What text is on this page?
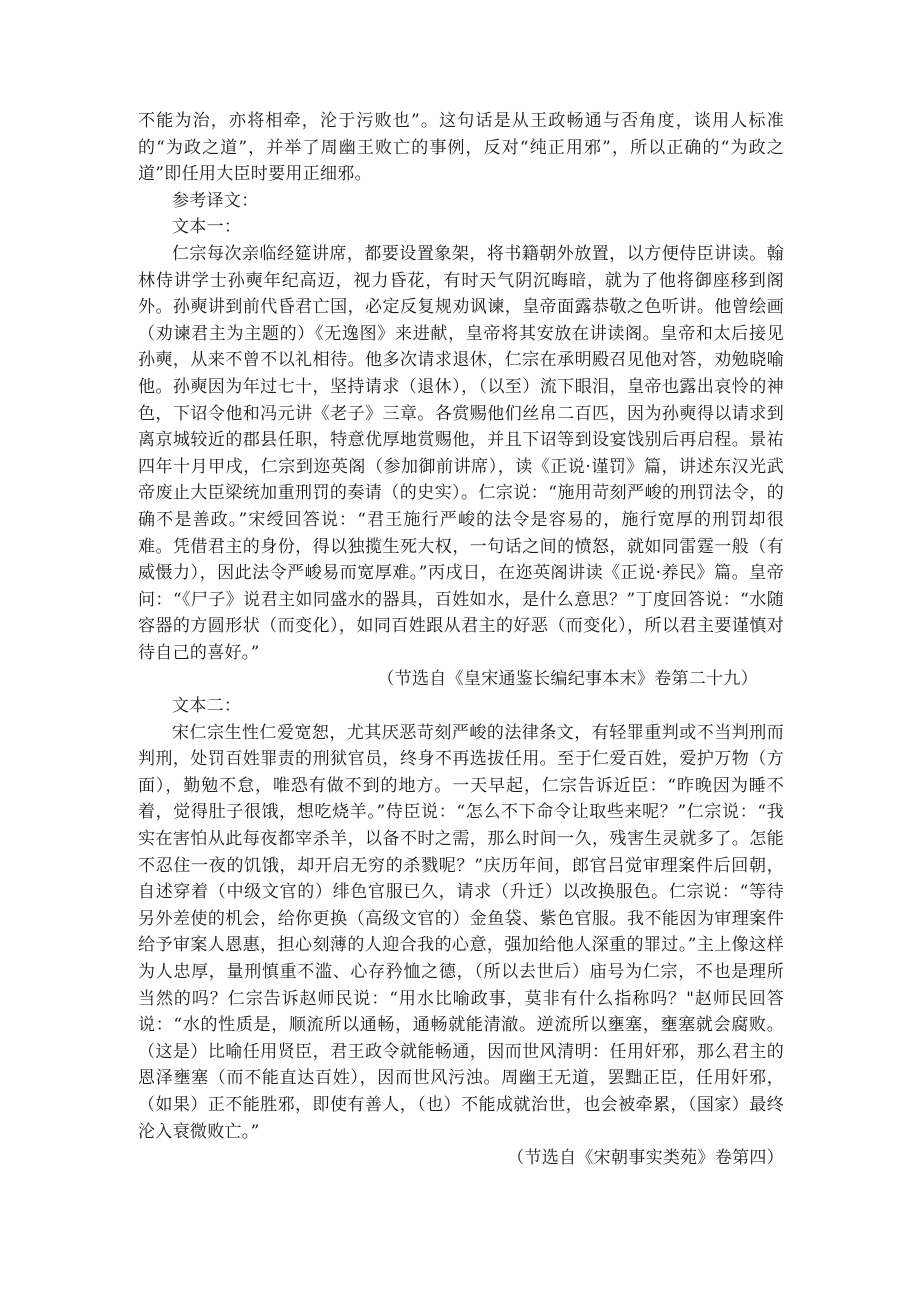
不能为治，亦将相牵，沦于污败也”。这句话是从王政畅通与否角度，谈用人标准的“为政之道”，并举了周幽王败亡的事例，反对“纯正用邪”，所以正确的“为政之道”即任用大臣时要用正细邪。

参考译文：

文本一：

仁宗每次亲临经筵讲席，都要设置象架，将书籍朝外放置，以方便侍臣讲读。翰林侍讲学士孙奭年纪高迈，视力昏花，有时天气阴沉晦暗，就为了他将御座移到阁外。孙奭讲到前代昏君亡国，必定反复规劝讽谏，皇帝面露恭敬之色听讲。他曾绘画（劝谏君主为主题的）《无逸图》来进献，皇帝将其安放在讲读阁。皇帝和太后接见孙奭，从来不曾不以礼相待。他多次请求退休，仁宗在承明殿召见他对答，劝勉晓喻他。孙奭因为年过七十，坚持请求（退休），（以至）流下眼泪，皇帝也露出哀怜的神色，下诏令他和冯元讲《老子》三章。各赏赐他们丝帛二百匹，因为孙奭得以请求到离京城较近的郡县任职，特意优厚地赏赐他，并且下诏等到设宴饯别后再启程。景祐四年十月甲戌，仁宗到迩英阁（参加御前讲席），读《正说·谨罚》篇，讲述东汉光武帝废止大臣梁统加重刑罚的奏请（的史实）。仁宗说：“施用苛刻严峻的刑罚法令，的确不是善政。”宋绶回答说：“君王施行严峻的法令是容易的，施行宽厚的刑罚却很难。凭借君主的身份，得以独揽生死大权，一句话之间的愤怒，就如同雷霆一般（有威慑力），因此法令严峻易而宽厚难。”丙戌日，在迩英阁讲读《正说·养民》篇。皇帝问：“《尸子》说君主如同盛水的器具，百姓如水，是什么意思？”丁度回答说：“水随容器的方圆形状（而变化），如同百姓跟从君主的好恶（而变化），所以君主要谨慎对待自己的喜好。”

（节选自《皇宋通鉴长编纪事本末》卷第二十九）

文本二：

宋仁宗生性仁爱宽恕，尤其厌恶苛刻严峻的法律条文，有轻罪重判或不当判刑而判刑，处罚百姓罪责的刑狱官员，终身不再选拔任用。至于仁爱百姓，爱护万物（方面），勤勉不怠，唯恐有做不到的地方。一天早起，仁宗告诉近臣：“昨晚因为睡不着，觉得肚子很饿，想吃烧羊。”侍臣说：“怎么不下命令让取些来呢？”仁宗说：“我实在害怕从此每夜都宰杀羊，以备不时之需，那么时间一久，残害生灵就多了。怎能不忍住一夜的饥饿，却开启无穷的杀戮呢？”庆历年间，郎官吕觉审理案件后回朝，自述穿着（中级文官的）绯色官服已久，请求（升迁）以改换服色。仁宗说：“等待另外差使的机会，给你更换（高级文官的）金鱼袋、紫色官服。我不能因为审理案件给予审案人恩惠，担心刻薄的人迎合我的心意，强加给他人深重的罪过。”主上像这样为人忠厚，量刑慎重不滥、心存矜恤之德，（所以去世后）庙号为仁宗，不也是理所当然的吗？仁宗告诉赵师民说：“用水比喻政事，莫非有什么指称吗？"赵师民回答说：“水的性质是，顺流所以通畅，通畅就能清澈。逆流所以壅塞，壅塞就会腐败。（这是）比喻任用贤臣，君王政令就能畅通，因而世风清明：任用奸邪，那么君主的恩泽壅塞（而不能直达百姓），因而世风污浊。周幽王无道，罢黜正臣，任用奸邪，（如果）正不能胜邪，即使有善人，（也）不能成就治世，也会被牵累，（国家）最终沦入衰微败亡。”

（节选自《宋朝事实类苑》卷第四）
